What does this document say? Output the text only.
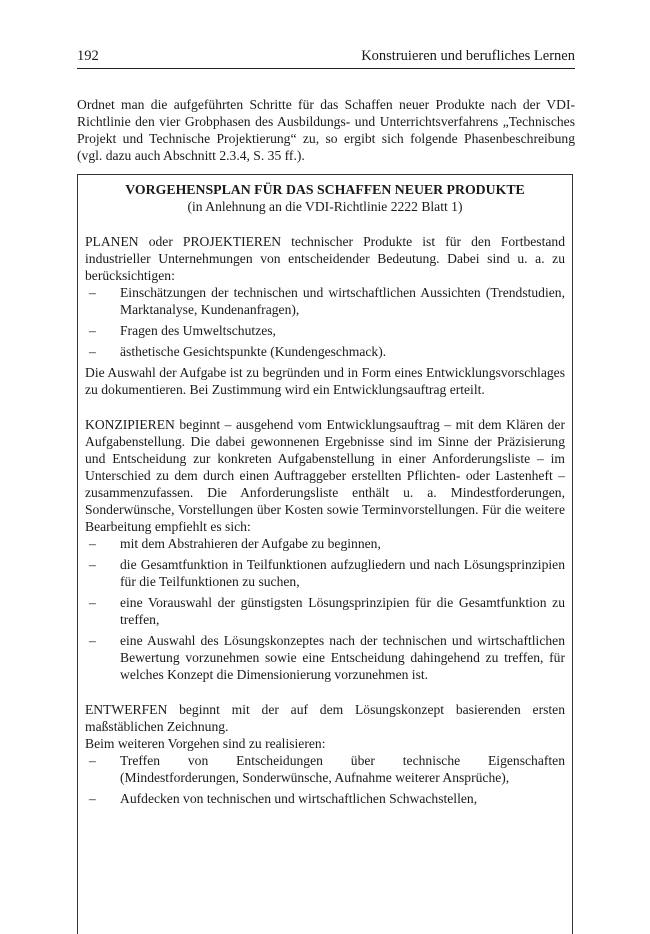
192	Konstruieren und berufliches Lernen

Ordnet man die aufgeführten Schritte für das Schaffen neuer Produkte nach der VDI-Richtlinie den vier Grobphasen des Ausbildungs- und Unterrichtsverfahrens „Technisches Projekt und Technische Projektierung“ zu, so ergibt sich folgende Phasenbeschreibung (vgl. dazu auch Abschnitt 2.3.4, S. 35 ff.).

VORGEHENSPLAN FÜR DAS SCHAFFEN NEUER PRODUKTE
(in Anlehnung an die VDI-Richtlinie 2222 Blatt 1)

PLANEN oder PROJEKTIEREN technischer Produkte ist für den Fortbestand industrieller Unternehmungen von entscheidender Bedeutung. Dabei sind u. a. zu berücksichtigen:

– Einschätzungen der technischen und wirtschaftlichen Aussichten (Trendstudien, Marktanalyse, Kundenanfragen),
– Fragen des Umweltschutzes,
– ästhetische Gesichtspunkte (Kundengeschmack).

Die Auswahl der Aufgabe ist zu begründen und in Form eines Entwicklungsvorschlages zu dokumentieren. Bei Zustimmung wird ein Entwicklungsauftrag erteilt.

KONZIPIEREN beginnt – ausgehend vom Entwicklungsauftrag – mit dem Klären der Aufgabenstellung. Die dabei gewonnenen Ergebnisse sind im Sinne der Präzisierung und Entscheidung zur konkreten Aufgabenstellung in einer Anforderungsliste – im Unterschied zu dem durch einen Auftraggeber erstellten Pflichten- oder Lastenheft – zusammenzufassen. Die Anforderungsliste enthält u. a. Mindestforderungen, Sonderwünsche, Vorstellungen über Kosten sowie Terminvorstellungen. Für die weitere Bearbeitung empfiehlt es sich:

– mit dem Abstrahieren der Aufgabe zu beginnen,
– die Gesamtfunktion in Teilfunktionen aufzugliedern und nach Lösungsprinzipien für die Teilfunktionen zu suchen,
– eine Vorauswahl der günstigsten Lösungsprinzipien für die Gesamtfunktion zu treffen,
– eine Auswahl des Lösungskonzeptes nach der technischen und wirtschaftlichen Bewertung vorzunehmen sowie eine Entscheidung dahingehend zu treffen, für welches Konzept die Dimensionierung vorzunehmen ist.

ENTWERFEN beginnt mit der auf dem Lösungskonzept basierenden ersten maßstäblichen Zeichnung.

Beim weiteren Vorgehen sind zu realisieren:

– Treffen von Entscheidungen über technische Eigenschaften (Mindestforderungen, Sonderwünsche, Aufnahme weiterer Ansprüche),
– Aufdecken von technischen und wirtschaftlichen Schwachstellen,
